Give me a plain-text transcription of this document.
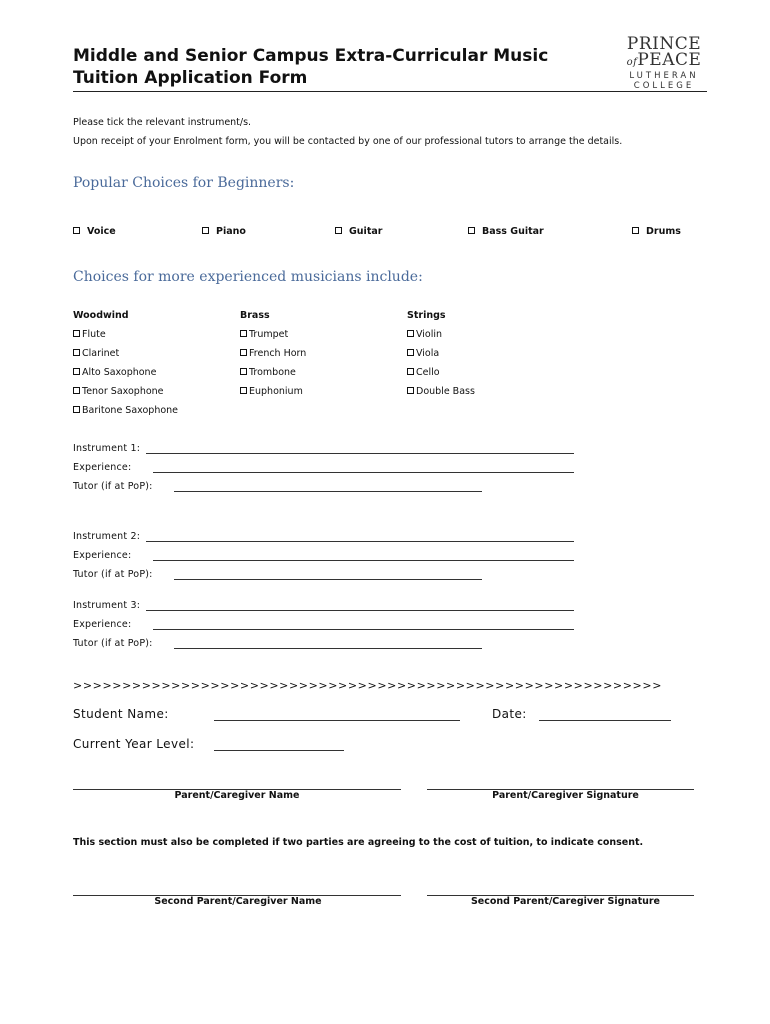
Middle and Senior Campus Extra-Curricular Music
Tuition Application Form
PRINCE
ofPEACE
LUTHERAN
COLLEGE
Please tick the relevant instrument/s.
Upon receipt of your Enrolment form, you will be contacted by one of our professional tutors to arrange the details.
Popular Choices for Beginners:
Voice	Piano	Guitar	Bass Guitar	Drums
Choices for more experienced musicians include:
Woodwind
Flute
Clarinet
Alto Saxophone
Tenor Saxophone
Baritone Saxophone
Brass
Trumpet
French Horn
Trombone
Euphonium
Strings
Violin
Viola
Cello
Double Bass
Instrument 1:
Experience:
Tutor (if at PoP):
Instrument 2:
Experience:
Tutor (if at PoP):
Instrument 3:
Experience:
Tutor (if at PoP):
>>>>>>>>>>>>>>>>>>>>>>>>>>>>>>>>>>>>>>>>>>>>>>>>>>>>>>>>>>>>
Student Name:	Date:
Current Year Level:
Parent/Caregiver Name	Parent/Caregiver Signature
This section must also be completed if two parties are agreeing to the cost of tuition, to indicate consent.
Second Parent/Caregiver Name	Second Parent/Caregiver Signature
